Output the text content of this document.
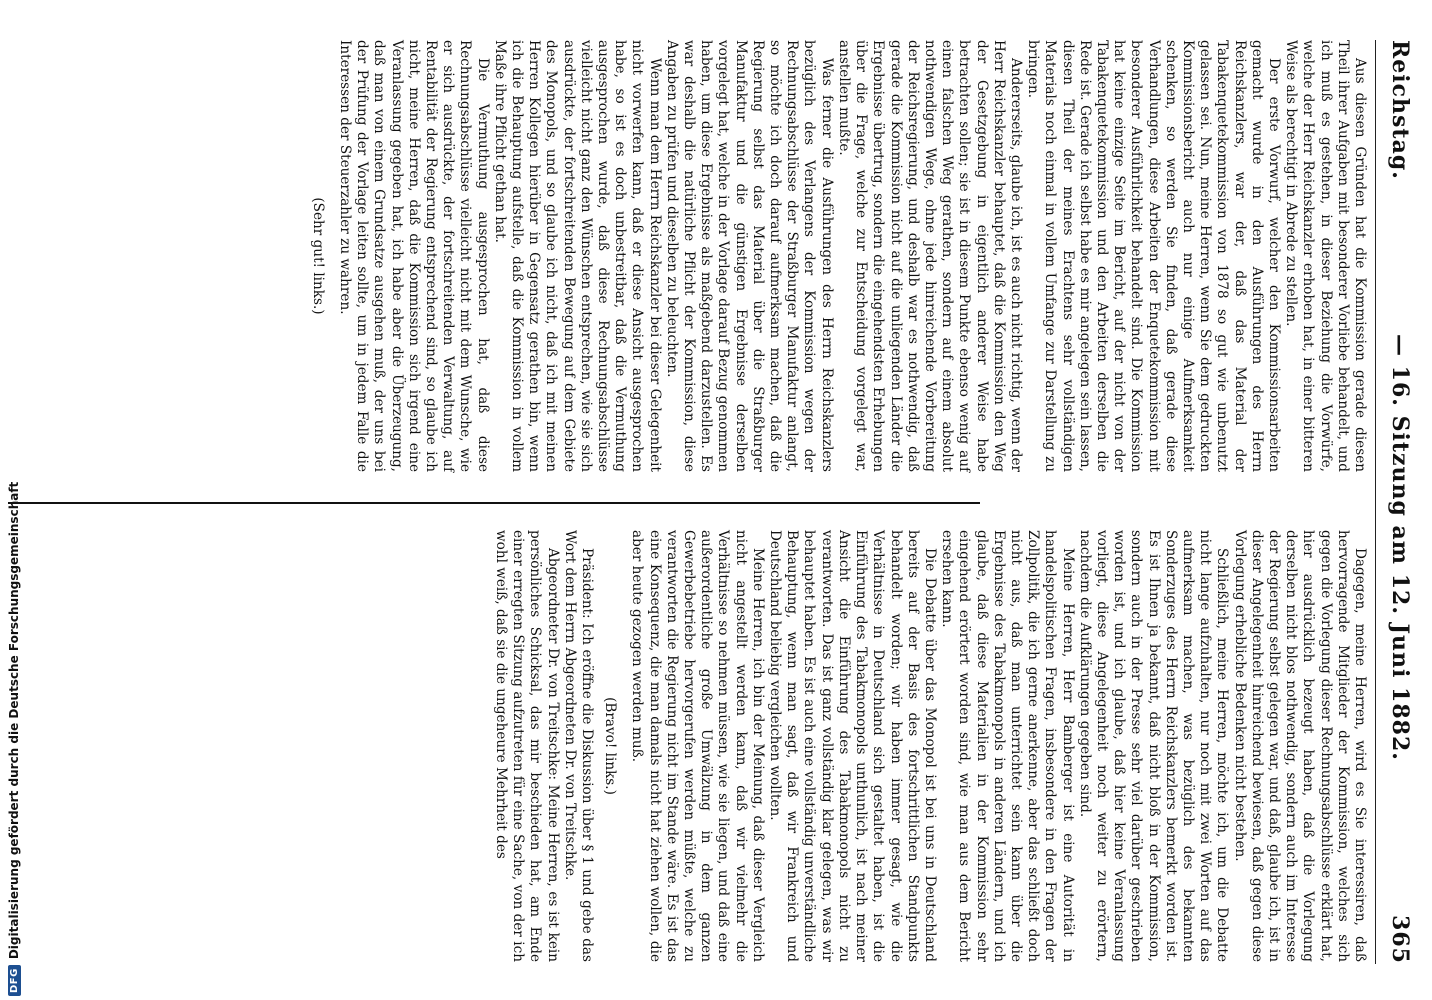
Reichstag.
— 16. Sitzung am 12. Juni 1882.
365

Aus diesen Gründen hat die Kommission gerade diesen Theil ihrer Aufgaben mit besonderer Vorliebe behandelt, und ich muß es gestehen, in dieser Beziehung die Vorwürfe, welche der Herr Reichskanzler erhoben hat, in einer bitteren Weise als berechtigt in Abrede zu stellen.

Der erste Vorwurf, welcher den Kommissionsarbeiten gemacht wurde in den Ausführungen des Herrn Reichskanzlers, war der, daß das Material der Tabakenquetekommission von 1878 so gut wie unbenutzt gelassen sei. Nun, meine Herren, wenn Sie dem gedruckten Kommissionsbericht auch nur einige Aufmerksamkeit schenken, so werden Sie finden, daß gerade diese Verhandlungen, diese Arbeiten der Enquetekommission mit besonderer Ausführlichkeit behandelt sind. Die Kommission hat keine einzige Seite im Bericht, auf der nicht von der Tabakenquetekommission und den Arbeiten derselben die Rede ist. Gerade ich selbst habe es mir angelegen sein lassen, diesen Theil der meines Erachtens sehr vollständigen Materials noch einmal in vollem Umfange zur Darstellung zu bringen.

Andererseits, glaube ich, ist es auch nicht richtig, wenn der Herr Reichskanzler behauptet, daß die Kommission den Weg der Gesetzgebung in eigentlich anderer Weise habe betrachten sollen; sie ist in diesem Punkte ebenso wenig auf einen falschen Weg gerathen, sondern auf einem absolut nothwendigen Wege, ohne jede hinreichende Vorbereitung der Reichsregierung, und deshalb war es nothwendig, daß gerade die Kommission nicht auf die unliegenden Länder die Ergebnisse übertrug, sondern die eingehendsten Erhebungen über die Frage, welche zur Entscheidung vorgelegt war, anstellen mußte.

Was ferner die Ausführungen des Herrn Reichskanzlers bezüglich des Verlangens der Kommission wegen der Rechnungsabschlüsse der Straßburger Manufaktur anlangt, so möchte ich doch darauf aufmerksam machen, daß die Regierung selbst das Material über die Straßburger Manufaktur und die günstigen Ergebnisse derselben vorgelegt hat, welche in der Vorlage darauf Bezug genommen haben, um diese Ergebnisse als maßgebend darzustellen. Es war deshalb die natürliche Pflicht der Kommission, diese Angaben zu prüfen und dieselben zu beleuchten.

Wenn man dem Herrn Reichskanzler bei dieser Gelegenheit nicht vorwerfen kann, daß er diese Ansicht ausgesprochen habe, so ist es doch unbestreitbar, daß die Vermuthung ausgesprochen wurde, daß diese Rechnungsabschlüsse vielleicht nicht ganz den Wünschen entsprechen, wie sie sich ausdrückte, der fortschreitenden Bewegung auf dem Gebiete des Monopols, und so glaube ich nicht, daß ich mit meinen Herren Kollegen hierüber in Gegensatz gerathen bin, wenn ich die Behauptung aufstelle, daß die Kommission in vollem Maße ihre Pflicht gethan hat.

Die Vermuthung ausgesprochen hat, daß diese Rechnungsabschlüsse vielleicht nicht mit dem Wunsche, wie er sich ausdrückte, der fortschreitenden Verwaltung, auf Rentabilität der Regierung entsprechend sind, so glaube ich nicht, meine Herren, daß die Kommission sich irgend eine Veranlassung gegeben hat, ich habe aber die Überzeugung, daß man von einem Grundsatze ausgehen muß, der uns bei der Prüfung der Vorlage leiten sollte, um in jedem Falle die Interessen der Steuerzahler zu wahren.

(Sehr gut! links.)

Dagegen, meine Herren, wird es Sie interessiren, daß hervorragende Mitglieder der Kommission, welches sich gegen die Vorlegung dieser Rechnungsabschlüsse erklärt hat, hier ausdrücklich bezeugt haben, daß die Vorlegung derselben nicht blos nothwendig, sondern auch im Interesse der Regierung selbst gelegen war, und daß, glaube ich, ist in dieser Angelegenheit hinreichend bewiesen, daß gegen diese Vorlegung erhebliche Bedenken nicht bestehen.

Schließlich, meine Herren, möchte ich, um die Debatte nicht lange aufzuhalten, nur noch mit zwei Worten auf das aufmerksam machen, was bezüglich des bekannten Sonderzuges des Herrn Reichskanzlers bemerkt worden ist. Es ist Ihnen ja bekannt, daß nicht bloß in der Kommission, sondern auch in der Presse sehr viel darüber geschrieben worden ist, und ich glaube, daß hier keine Veranlassung vorliegt, diese Angelegenheit noch weiter zu erörtern, nachdem die Aufklärungen gegeben sind.

Meine Herren, Herr Bamberger ist eine Autorität in handelspolitischen Fragen, insbesondere in den Fragen der Zollpolitik, die ich gerne anerkenne, aber das schließt doch nicht aus, daß man unterrichtet sein kann über die Ergebnisse des Tabakmonopols in anderen Ländern, und ich glaube, daß diese Materialien in der Kommission sehr eingehend erörtert worden sind, wie man aus dem Bericht ersehen kann.

Die Debatte über das Monopol ist bei uns in Deutschland bereits auf der Basis des fortschrittlichen Standpunkts behandelt worden; wir haben immer gesagt, wie die Verhältnisse in Deutschland sich gestaltet haben, ist die Einführung des Tabakmonopols unthunlich, ist nach meiner Ansicht die Einführung des Tabakmonopols nicht zu verantworten. Das ist ganz vollständig klar gelegen, was wir behauptet haben. Es ist auch eine vollständig unverständliche Behauptung, wenn man sagt, daß wir Frankreich und Deutschland beliebig vergleichen wollten.

Meine Herren, ich bin der Meinung, daß dieser Vergleich nicht angestellt werden kann, daß wir vielmehr die Verhältnisse so nehmen müssen, wie sie liegen, und daß eine außerordentliche große Umwälzung in dem ganzen Gewerbebetriebe hervorgerufen werden müßte, welche zu verantworten die Regierung nicht im Stande wäre. Es ist das eine Konsequenz, die man damals nicht hat ziehen wollen, die aber heute gezogen werden muß.

(Bravo! links.)

Präsident: Ich eröffne die Diskussion über § 1 und gebe das Wort dem Herrn Abgeordneten Dr. von Treitschke.

Abgeordneter Dr. von Treitschke: Meine Herren, es ist kein persönliches Schicksal, das mir beschieden hat, am Ende einer erregten Sitzung aufzutreten für eine Sache, von der ich wohl weiß, daß sie die ungeheure Mehrheit des

DFG
Digitalisierung gefördert durch die Deutsche Forschungsgemeinschaft
